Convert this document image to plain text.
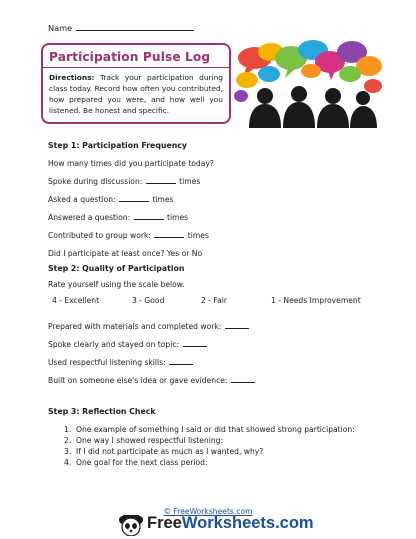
Name
Participation Pulse Log
Directions: Track your participation during class today. Record how often you contributed, how prepared you were, and how well you listened. Be honest and specific.
Step 1: Participation Frequency
How many times did you participate today?
Spoke during discussion:	times
Asked a question:	times
Answered a question:	times
Contributed to group work:	times
Did I participate at least once? Yes or No
Step 2: Quality of Participation
Rate yourself using the scale below.
4 - Excellent	3 - Good	2 - Fair	1 - Needs Improvement
Prepared with materials and completed work:
Spoke clearly and stayed on topic:
Used respectful listening skills:
Built on someone else's idea or gave evidence:
Step 3: Reflection Check
1. One example of something I said or did that showed strong participation:
2. One way I showed respectful listening:
3. If I did not participate as much as I wanted, why?
4. One goal for the next class period:
© FreeWorksheets.com
FreeWorksheets.com
